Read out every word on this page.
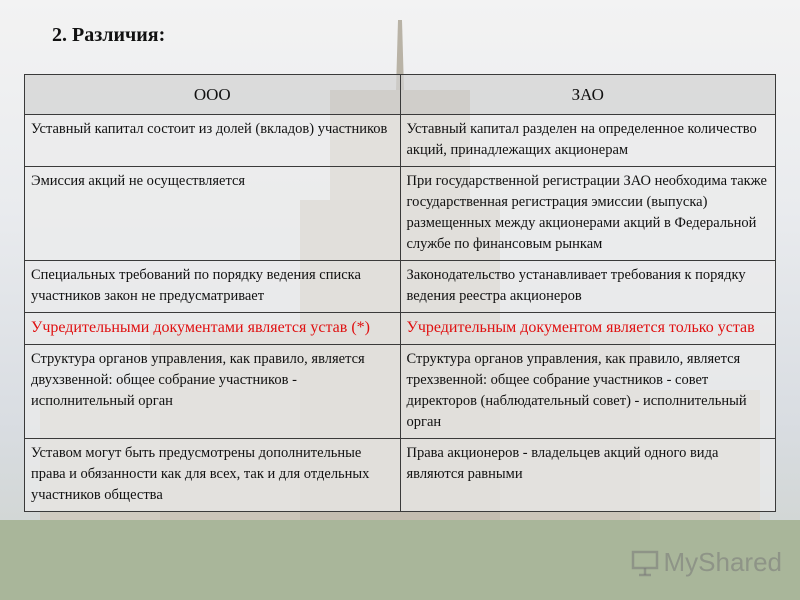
2. Различия:
ООО	ЗАО
Уставный капитал состоит из долей (вкладов) участников	Уставный капитал разделен на определенное количество акций, принадлежащих акционерам
Эмиссия акций не осуществляется	При государственной регистрации ЗАО необходима также государственная регистрация эмиссии (выпуска) размещенных между акционерами акций в Федеральной службе по финансовым рынкам
Специальных требований по порядку ведения списка участников закон не предусматривает	Законодательство устанавливает требования к порядку ведения реестра акционеров
Учредительными документами является устав (*)	Учредительным документом является только устав
Структура органов управления, как правило, является двухзвенной: общее собрание участников - исполнительный орган	Структура органов управления, как правило, является трехзвенной: общее собрание участников - совет директоров (наблюдательный совет) - исполнительный орган
Уставом могут быть предусмотрены дополнительные права и обязанности как для всех, так и для отдельных участников общества	Права акционеров - владельцев акций одного вида являются равными
MyShared
